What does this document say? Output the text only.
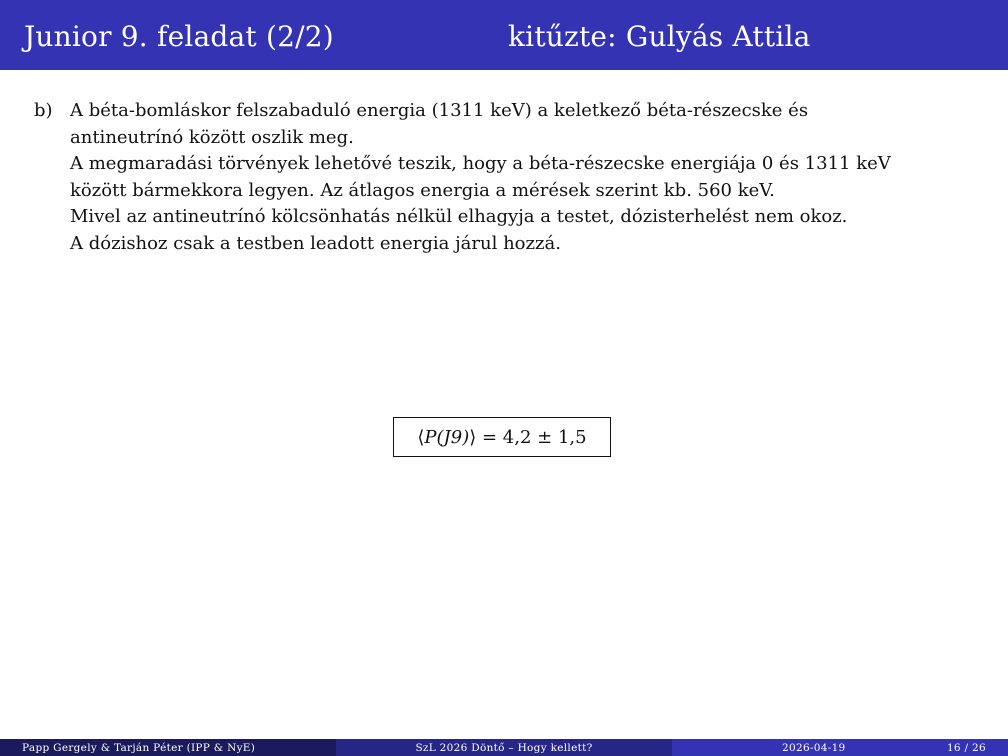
Junior 9. feladat (2/2)	kitűzte: Gulyás Attila
b) A béta-bomláskor felszabaduló energia (1311 keV) a keletkező béta-részecske és
antineutrínó között oszlik meg.
A megmaradási törvények lehetővé teszik, hogy a béta-részecske energiája 0 és 1311 keV
között bármekkora legyen. Az átlagos energia a mérések szerint kb. 560 keV.
Mivel az antineutrínó kölcsönhatás nélkül elhagyja a testet, dózisterhelést nem okoz.
A dózishoz csak a testben leadott energia járul hozzá.
⟨ P(J9) ⟩ = 4,2 ± 1,5
Papp Gergely & Tarján Péter (IPP & NyE)	SzL 2026 Döntő – Hogy kellett?	2026-04-19	16 / 26
